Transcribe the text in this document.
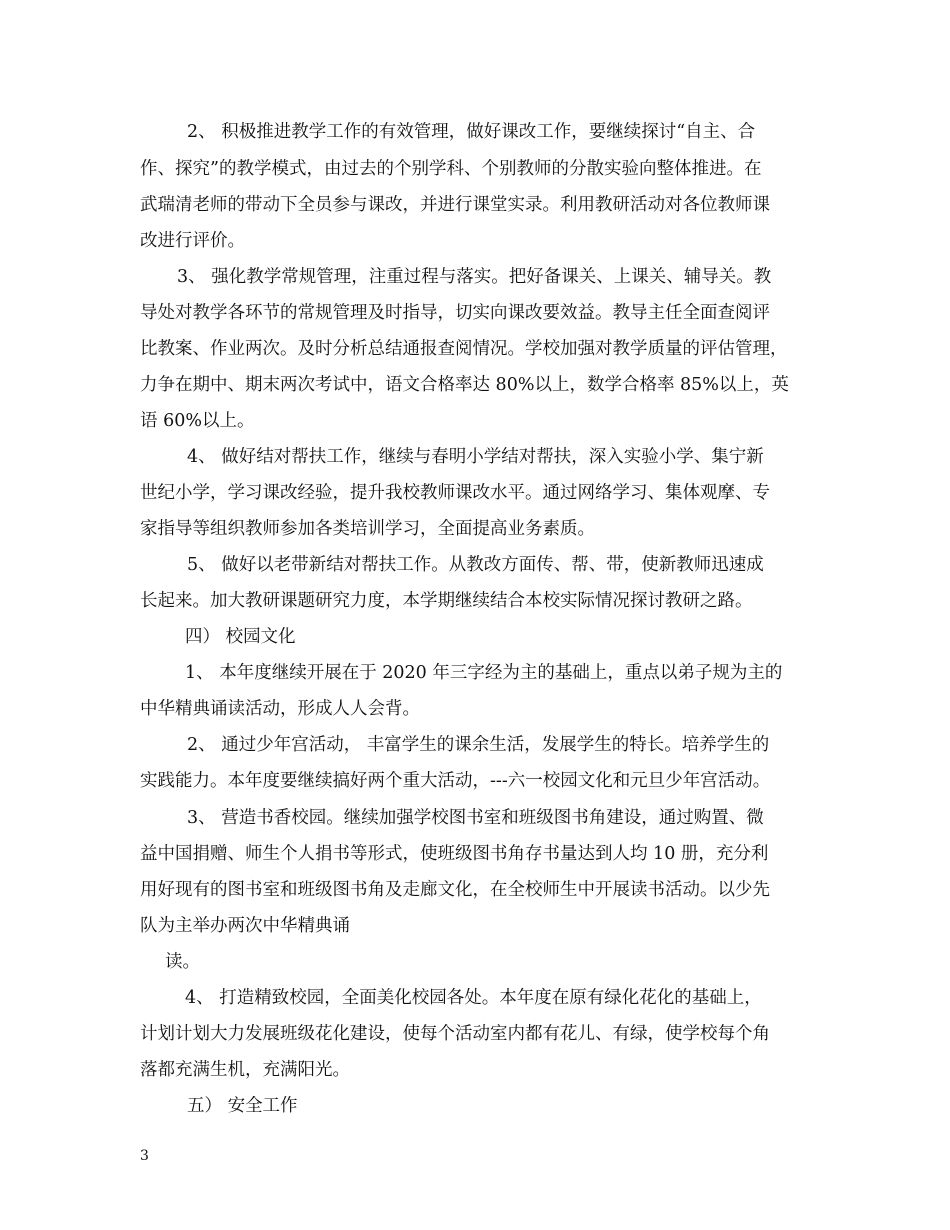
2、 积极推进教学工作的有效管理，做好课改工作，要继续探讨“自主、合
作、探究”的教学模式，由过去的个别学科、个别教师的分散实验向整体推进。在
武瑞清老师的带动下全员参与课改，并进行课堂实录。利用教研活动对各位教师课
改进行评价。
3、 强化教学常规管理，注重过程与落实。把好备课关、上课关、辅导关。教
导处对教学各环节的常规管理及时指导，切实向课改要效益。教导主任全面查阅评
比教案、作业两次。及时分析总结通报查阅情况。学校加强对教学质量的评估管理，
力争在期中、期末两次考试中，语文合格率达 80%以上，数学合格率 85%以上，英
语 60%以上。
4、 做好结对帮扶工作，继续与春明小学结对帮扶，深入实验小学、集宁新
世纪小学，学习课改经验，提升我校教师课改水平。通过网络学习、集体观摩、专
家指导等组织教师参加各类培训学习，全面提高业务素质。
5、 做好以老带新结对帮扶工作。从教改方面传、帮、带，使新教师迅速成
长起来。加大教研课题研究力度，本学期继续结合本校实际情况探讨教研之路。
四） 校园文化
1、 本年度继续开展在于 2020 年三字经为主的基础上，重点以弟子规为主的
中华精典诵读活动，形成人人会背。
2、 通过少年宫活动， 丰富学生的课余生活，发展学生的特长。培养学生的
实践能力。本年度要继续搞好两个重大活动，---六一校园文化和元旦少年宫活动。
3、 营造书香校园。继续加强学校图书室和班级图书角建设，通过购置、微
益中国捐赠、师生个人捐书等形式，使班级图书角存书量达到人均 10 册，充分利
用好现有的图书室和班级图书角及走廊文化，在全校师生中开展读书活动。以少先
队为主举办两次中华精典诵
读。
4、 打造精致校园，全面美化校园各处。本年度在原有绿化花化的基础上，
计划计划大力发展班级花化建设，使每个活动室内都有花儿、有绿，使学校每个角
落都充满生机，充满阳光。
五） 安全工作
3
